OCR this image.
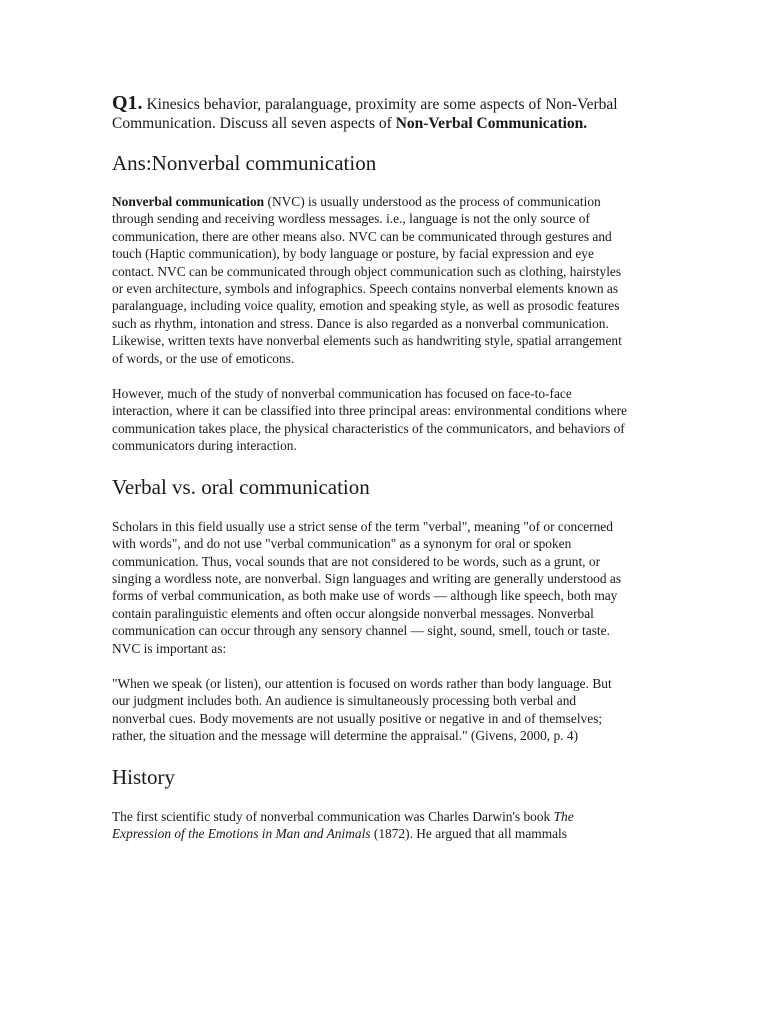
Q1. Kinesics behavior, paralanguage, proximity are some aspects of Non-Verbal Communication. Discuss all seven aspects of Non-Verbal Communication.
Ans:Nonverbal communication

Nonverbal communication (NVC) is usually understood as the process of communication through sending and receiving wordless messages. i.e., language is not the only source of communication, there are other means also. NVC can be communicated through gestures and touch (Haptic communication), by body language or posture, by facial expression and eye contact. NVC can be communicated through object communication such as clothing, hairstyles or even architecture, symbols and infographics. Speech contains nonverbal elements known as paralanguage, including voice quality, emotion and speaking style, as well as prosodic features such as rhythm, intonation and stress. Dance is also regarded as a nonverbal communication. Likewise, written texts have nonverbal elements such as handwriting style, spatial arrangement of words, or the use of emoticons.

However, much of the study of nonverbal communication has focused on face-to-face interaction, where it can be classified into three principal areas: environmental conditions where communication takes place, the physical characteristics of the communicators, and behaviors of communicators during interaction.

Verbal vs. oral communication

Scholars in this field usually use a strict sense of the term "verbal", meaning "of or concerned with words", and do not use "verbal communication" as a synonym for oral or spoken communication. Thus, vocal sounds that are not considered to be words, such as a grunt, or singing a wordless note, are nonverbal. Sign languages and writing are generally understood as forms of verbal communication, as both make use of words — although like speech, both may contain paralinguistic elements and often occur alongside nonverbal messages. Nonverbal communication can occur through any sensory channel — sight, sound, smell, touch or taste. NVC is important as:

"When we speak (or listen), our attention is focused on words rather than body language. But our judgment includes both. An audience is simultaneously processing both verbal and nonverbal cues. Body movements are not usually positive or negative in and of themselves; rather, the situation and the message will determine the appraisal." (Givens, 2000, p. 4)

History

The first scientific study of nonverbal communication was Charles Darwin's book The Expression of the Emotions in Man and Animals (1872). He argued that all mammals
